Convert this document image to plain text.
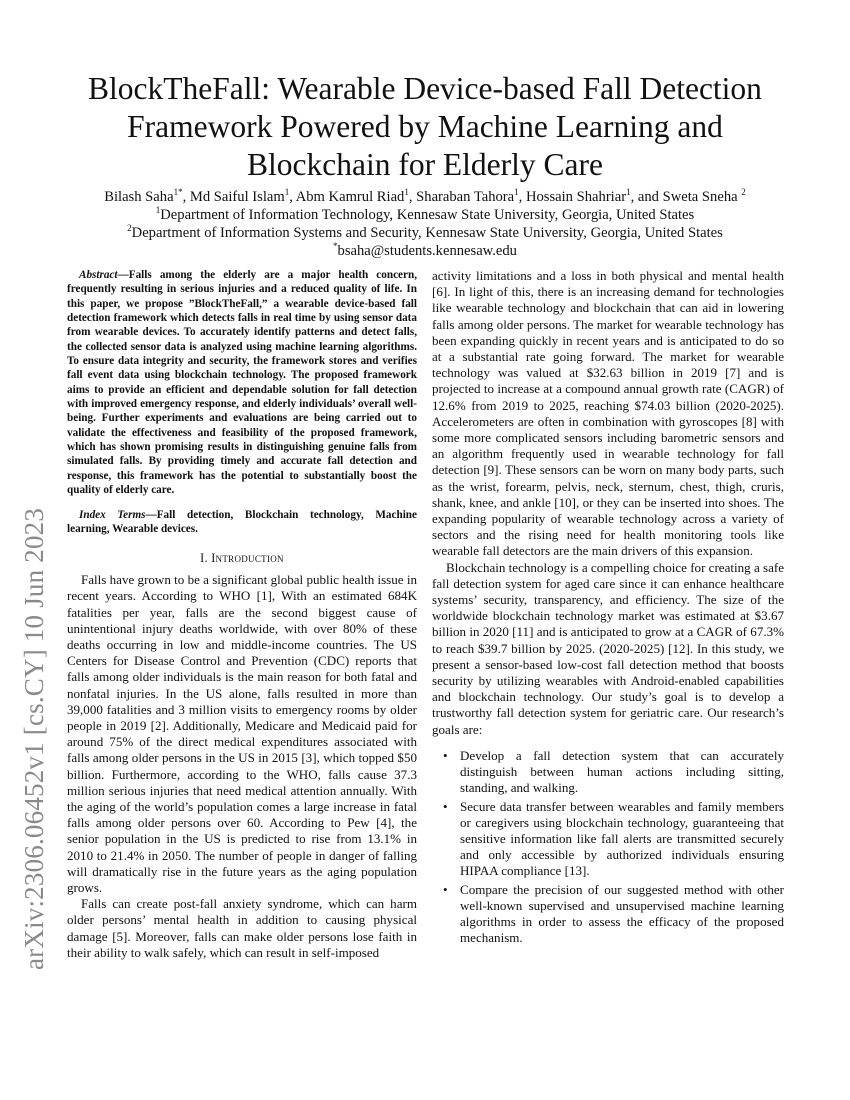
arXiv:2306.06452v1 [cs.CY] 10 Jun 2023
BlockTheFall: Wearable Device-based Fall Detection Framework Powered by Machine Learning and Blockchain for Elderly Care
Bilash Saha$^{1*}$, Md Saiful Islam$^1$, Abm Kamrul Riad$^1$, Sharaban Tahora$^1$, Hossain Shahriar$^1$, and Sweta Sneha $^2$
$^1$Department of Information Technology, Kennesaw State University, Georgia, United States
$^2$Department of Information Systems and Security, Kennesaw State University, Georgia, United States
*bsaha@students.kennesaw.edu

Abstract—Falls among the elderly are a major health concern, frequently resulting in serious injuries and a reduced quality of life. In this paper, we propose ”BlockTheFall,” a wearable device-based fall detection framework which detects falls in real time by using sensor data from wearable devices. To accurately identify patterns and detect falls, the collected sensor data is analyzed using machine learning algorithms. To ensure data integrity and security, the framework stores and verifies fall event data using blockchain technology. The proposed framework aims to provide an efficient and dependable solution for fall detection with improved emergency response, and elderly individuals’ overall well-being. Further experiments and evaluations are being carried out to validate the effectiveness and feasibility of the proposed framework, which has shown promising results in distinguishing genuine falls from simulated falls. By providing timely and accurate fall detection and response, this framework has the potential to substantially boost the quality of elderly care.

Index Terms—Fall detection, Blockchain technology, Machine learning, Wearable devices.

I. Introduction

Falls have grown to be a significant global public health issue in recent years. According to WHO [1], With an estimated 684K fatalities per year, falls are the second biggest cause of unintentional injury deaths worldwide, with over 80% of these deaths occurring in low and middle-income countries. The US Centers for Disease Control and Prevention (CDC) reports that falls among older individuals is the main reason for both fatal and nonfatal injuries. In the US alone, falls resulted in more than 39,000 fatalities and 3 million visits to emergency rooms by older people in 2019 [2]. Additionally, Medicare and Medicaid paid for around 75% of the direct medical expenditures associated with falls among older persons in the US in 2015 [3], which topped $50 billion. Furthermore, according to the WHO, falls cause 37.3 million serious injuries that need medical attention annually. With the aging of the world’s population comes a large increase in fatal falls among older persons over 60. According to Pew [4], the senior population in the US is predicted to rise from 13.1% in 2010 to 21.4% in 2050. The number of people in danger of falling will dramatically rise in the future years as the aging population grows.

Falls can create post-fall anxiety syndrome, which can harm older persons’ mental health in addition to causing physical damage [5]. Moreover, falls can make older persons lose faith in their ability to walk safely, which can result in self-imposed

activity limitations and a loss in both physical and mental health [6]. In light of this, there is an increasing demand for technologies like wearable technology and blockchain that can aid in lowering falls among older persons. The market for wearable technology has been expanding quickly in recent years and is anticipated to do so at a substantial rate going forward. The market for wearable technology was valued at $32.63 billion in 2019 [7] and is projected to increase at a compound annual growth rate (CAGR) of 12.6% from 2019 to 2025, reaching $74.03 billion (2020-2025). Accelerometers are often in combination with gyroscopes [8] with some more complicated sensors including barometric sensors and an algorithm frequently used in wearable technology for fall detection [9]. These sensors can be worn on many body parts, such as the wrist, forearm, pelvis, neck, sternum, chest, thigh, cruris, shank, knee, and ankle [10], or they can be inserted into shoes. The expanding popularity of wearable technology across a variety of sectors and the rising need for health monitoring tools like wearable fall detectors are the main drivers of this expansion.

Blockchain technology is a compelling choice for creating a safe fall detection system for aged care since it can enhance healthcare systems’ security, transparency, and efficiency. The size of the worldwide blockchain technology market was estimated at $3.67 billion in 2020 [11] and is anticipated to grow at a CAGR of 67.3% to reach $39.7 billion by 2025. (2020-2025) [12]. In this study, we present a sensor-based low-cost fall detection method that boosts security by utilizing wearables with Android-enabled capabilities and blockchain technology. Our study’s goal is to develop a trustworthy fall detection system for geriatric care. Our research’s goals are:

• Develop a fall detection system that can accurately distinguish between human actions including sitting, standing, and walking.
• Secure data transfer between wearables and family members or caregivers using blockchain technology, guaranteeing that sensitive information like fall alerts are transmitted securely and only accessible by authorized individuals ensuring HIPAA compliance [13].
• Compare the precision of our suggested method with other well-known supervised and unsupervised machine learning algorithms in order to assess the efficacy of the proposed mechanism.
